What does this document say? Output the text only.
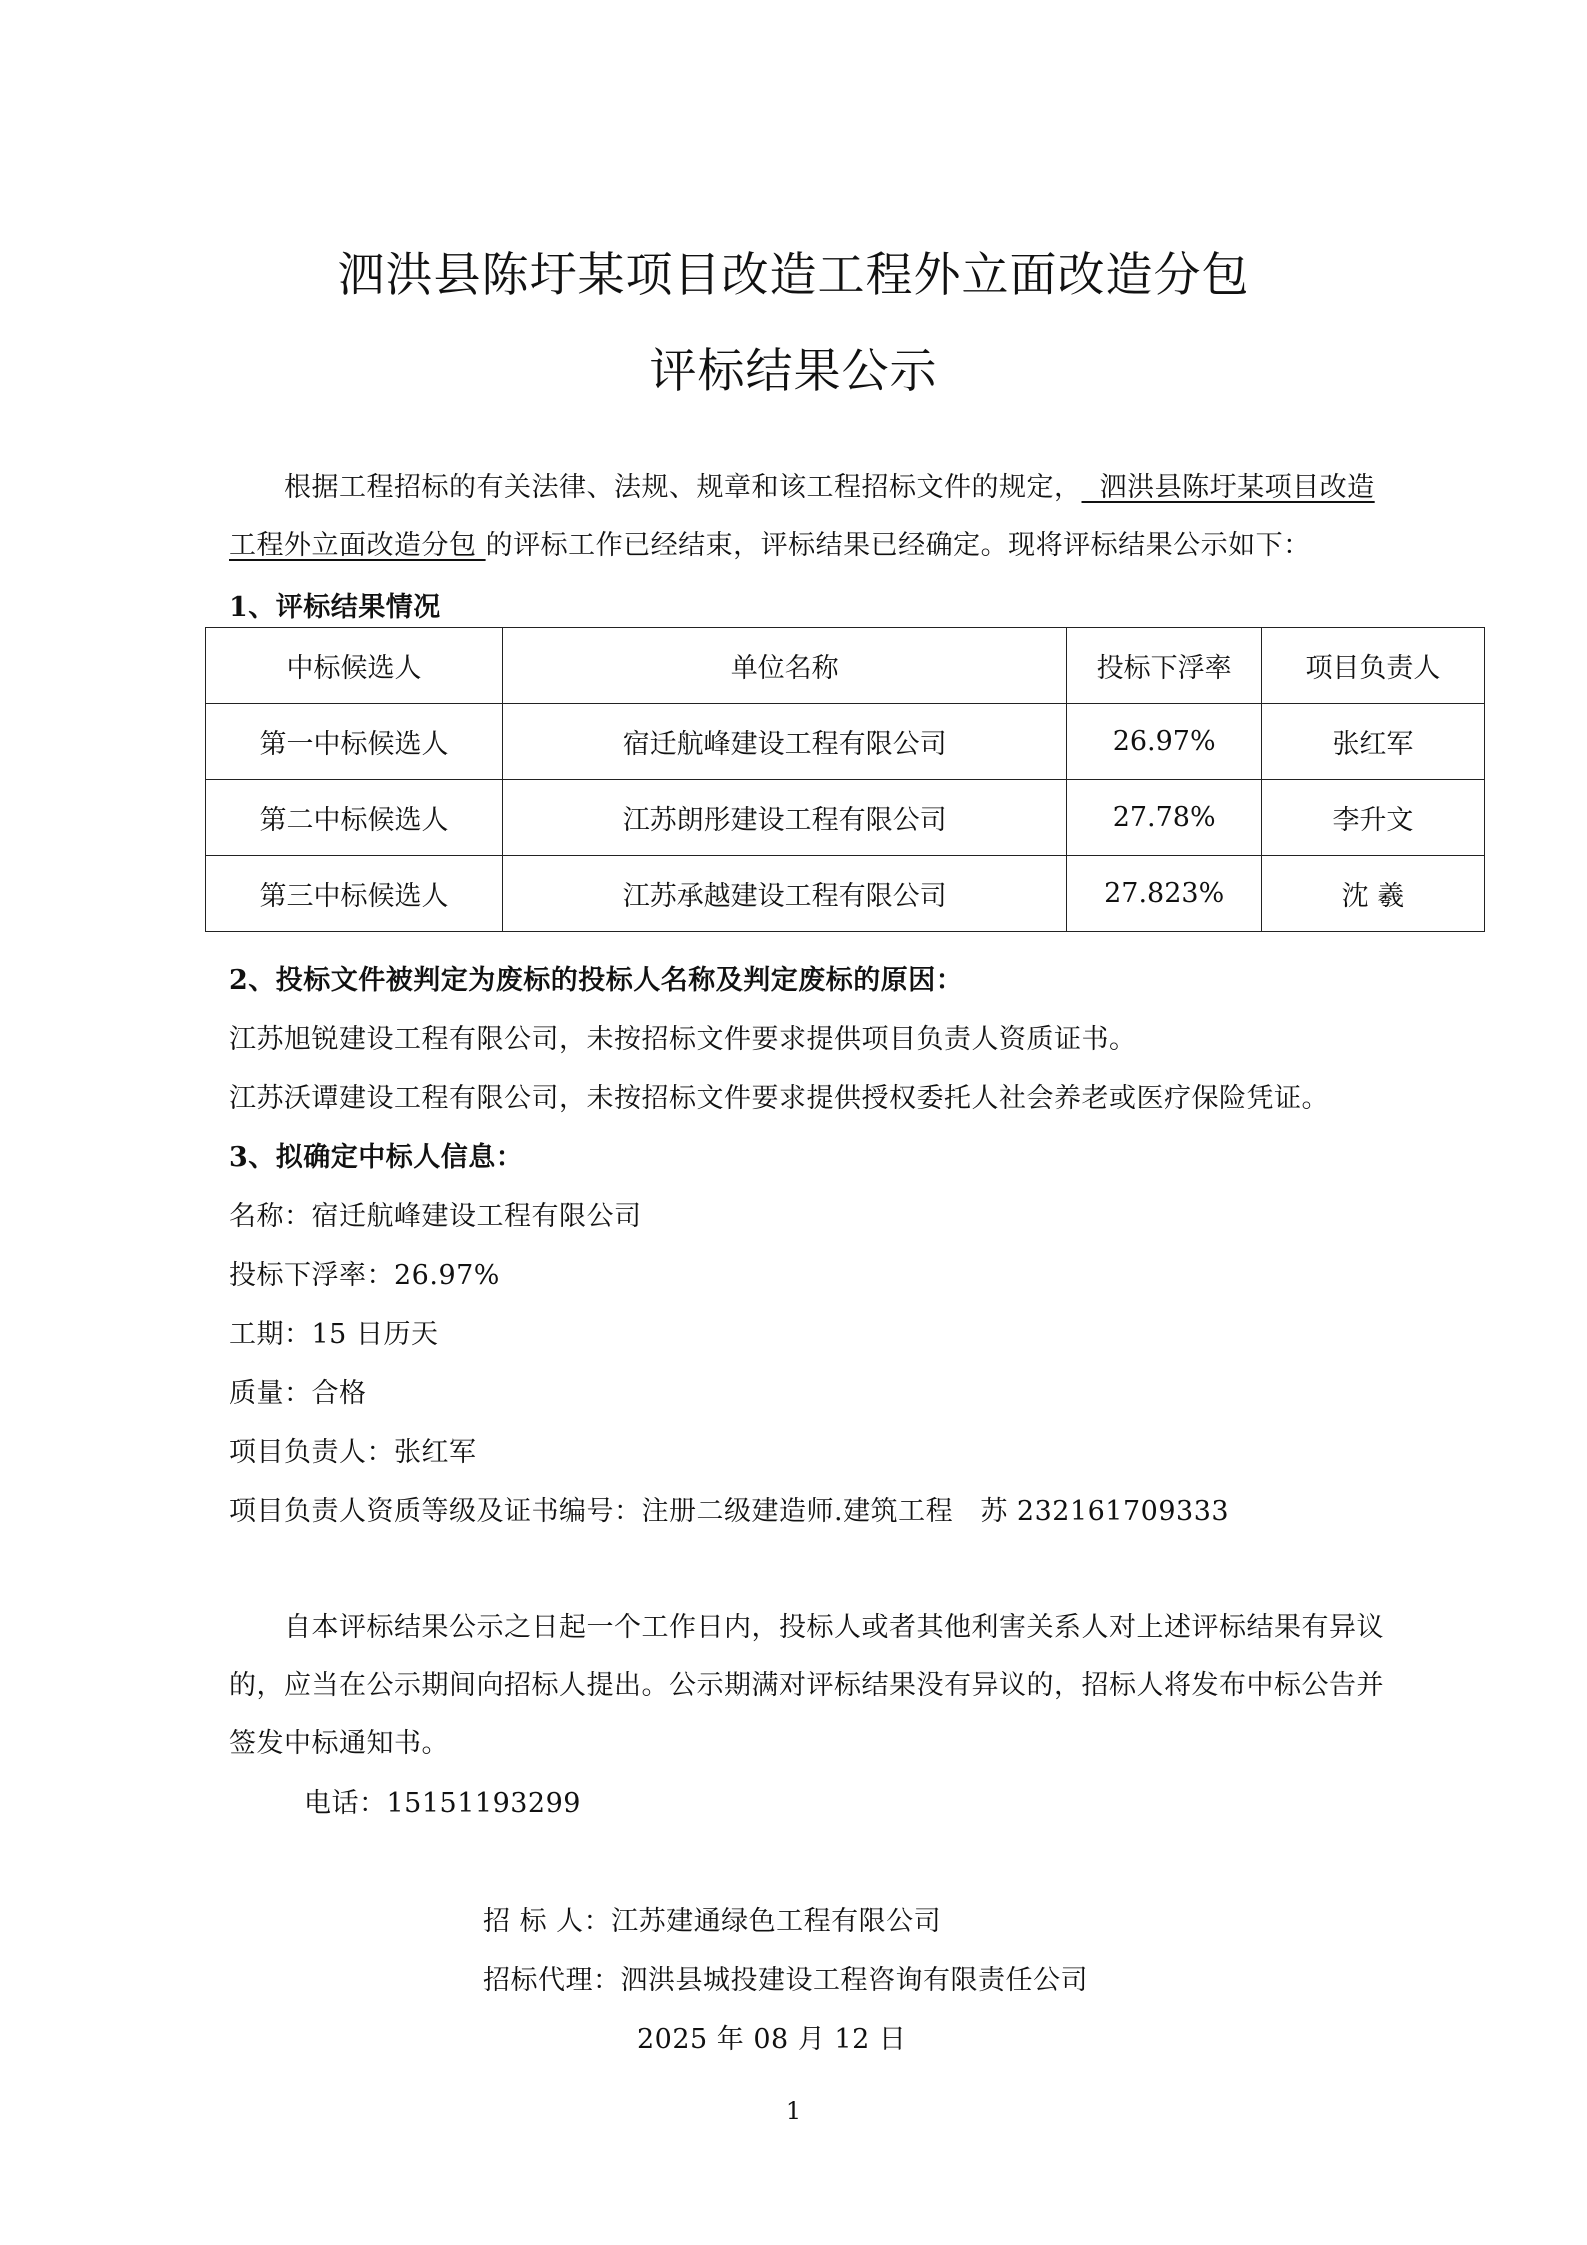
泗洪县陈圩某项目改造工程外立面改造分包
评标结果公示
根据工程招标的有关法律、法规、规章和该工程招标文件的规定，  泗洪县陈圩某项目改造
工程外立面改造分包 的评标工作已经结束，评标结果已经确定。现将评标结果公示如下：
1、评标结果情况
中标候选人	单位名称	投标下浮率	项目负责人
第一中标候选人	宿迁航峰建设工程有限公司	26.97%	张红军
第二中标候选人	江苏朗彤建设工程有限公司	27.78%	李升文
第三中标候选人	江苏承越建设工程有限公司	27.823%	沈 羲
2、投标文件被判定为废标的投标人名称及判定废标的原因：
江苏旭锐建设工程有限公司，未按招标文件要求提供项目负责人资质证书。
江苏沃谭建设工程有限公司，未按招标文件要求提供授权委托人社会养老或医疗保险凭证。
3、拟确定中标人信息：
名称：宿迁航峰建设工程有限公司
投标下浮率：26.97%
工期：15 日历天
质量：合格
项目负责人：张红军
项目负责人资质等级及证书编号：注册二级建造师.建筑工程   苏 232161709333
自本评标结果公示之日起一个工作日内，投标人或者其他利害关系人对上述评标结果有异议
的，应当在公示期间向招标人提出。公示期满对评标结果没有异议的，招标人将发布中标公告并
签发中标通知书。
电话：15151193299
招 标 人：江苏建通绿色工程有限公司
招标代理：泗洪县城投建设工程咨询有限责任公司
2025 年 08 月 12 日
1
